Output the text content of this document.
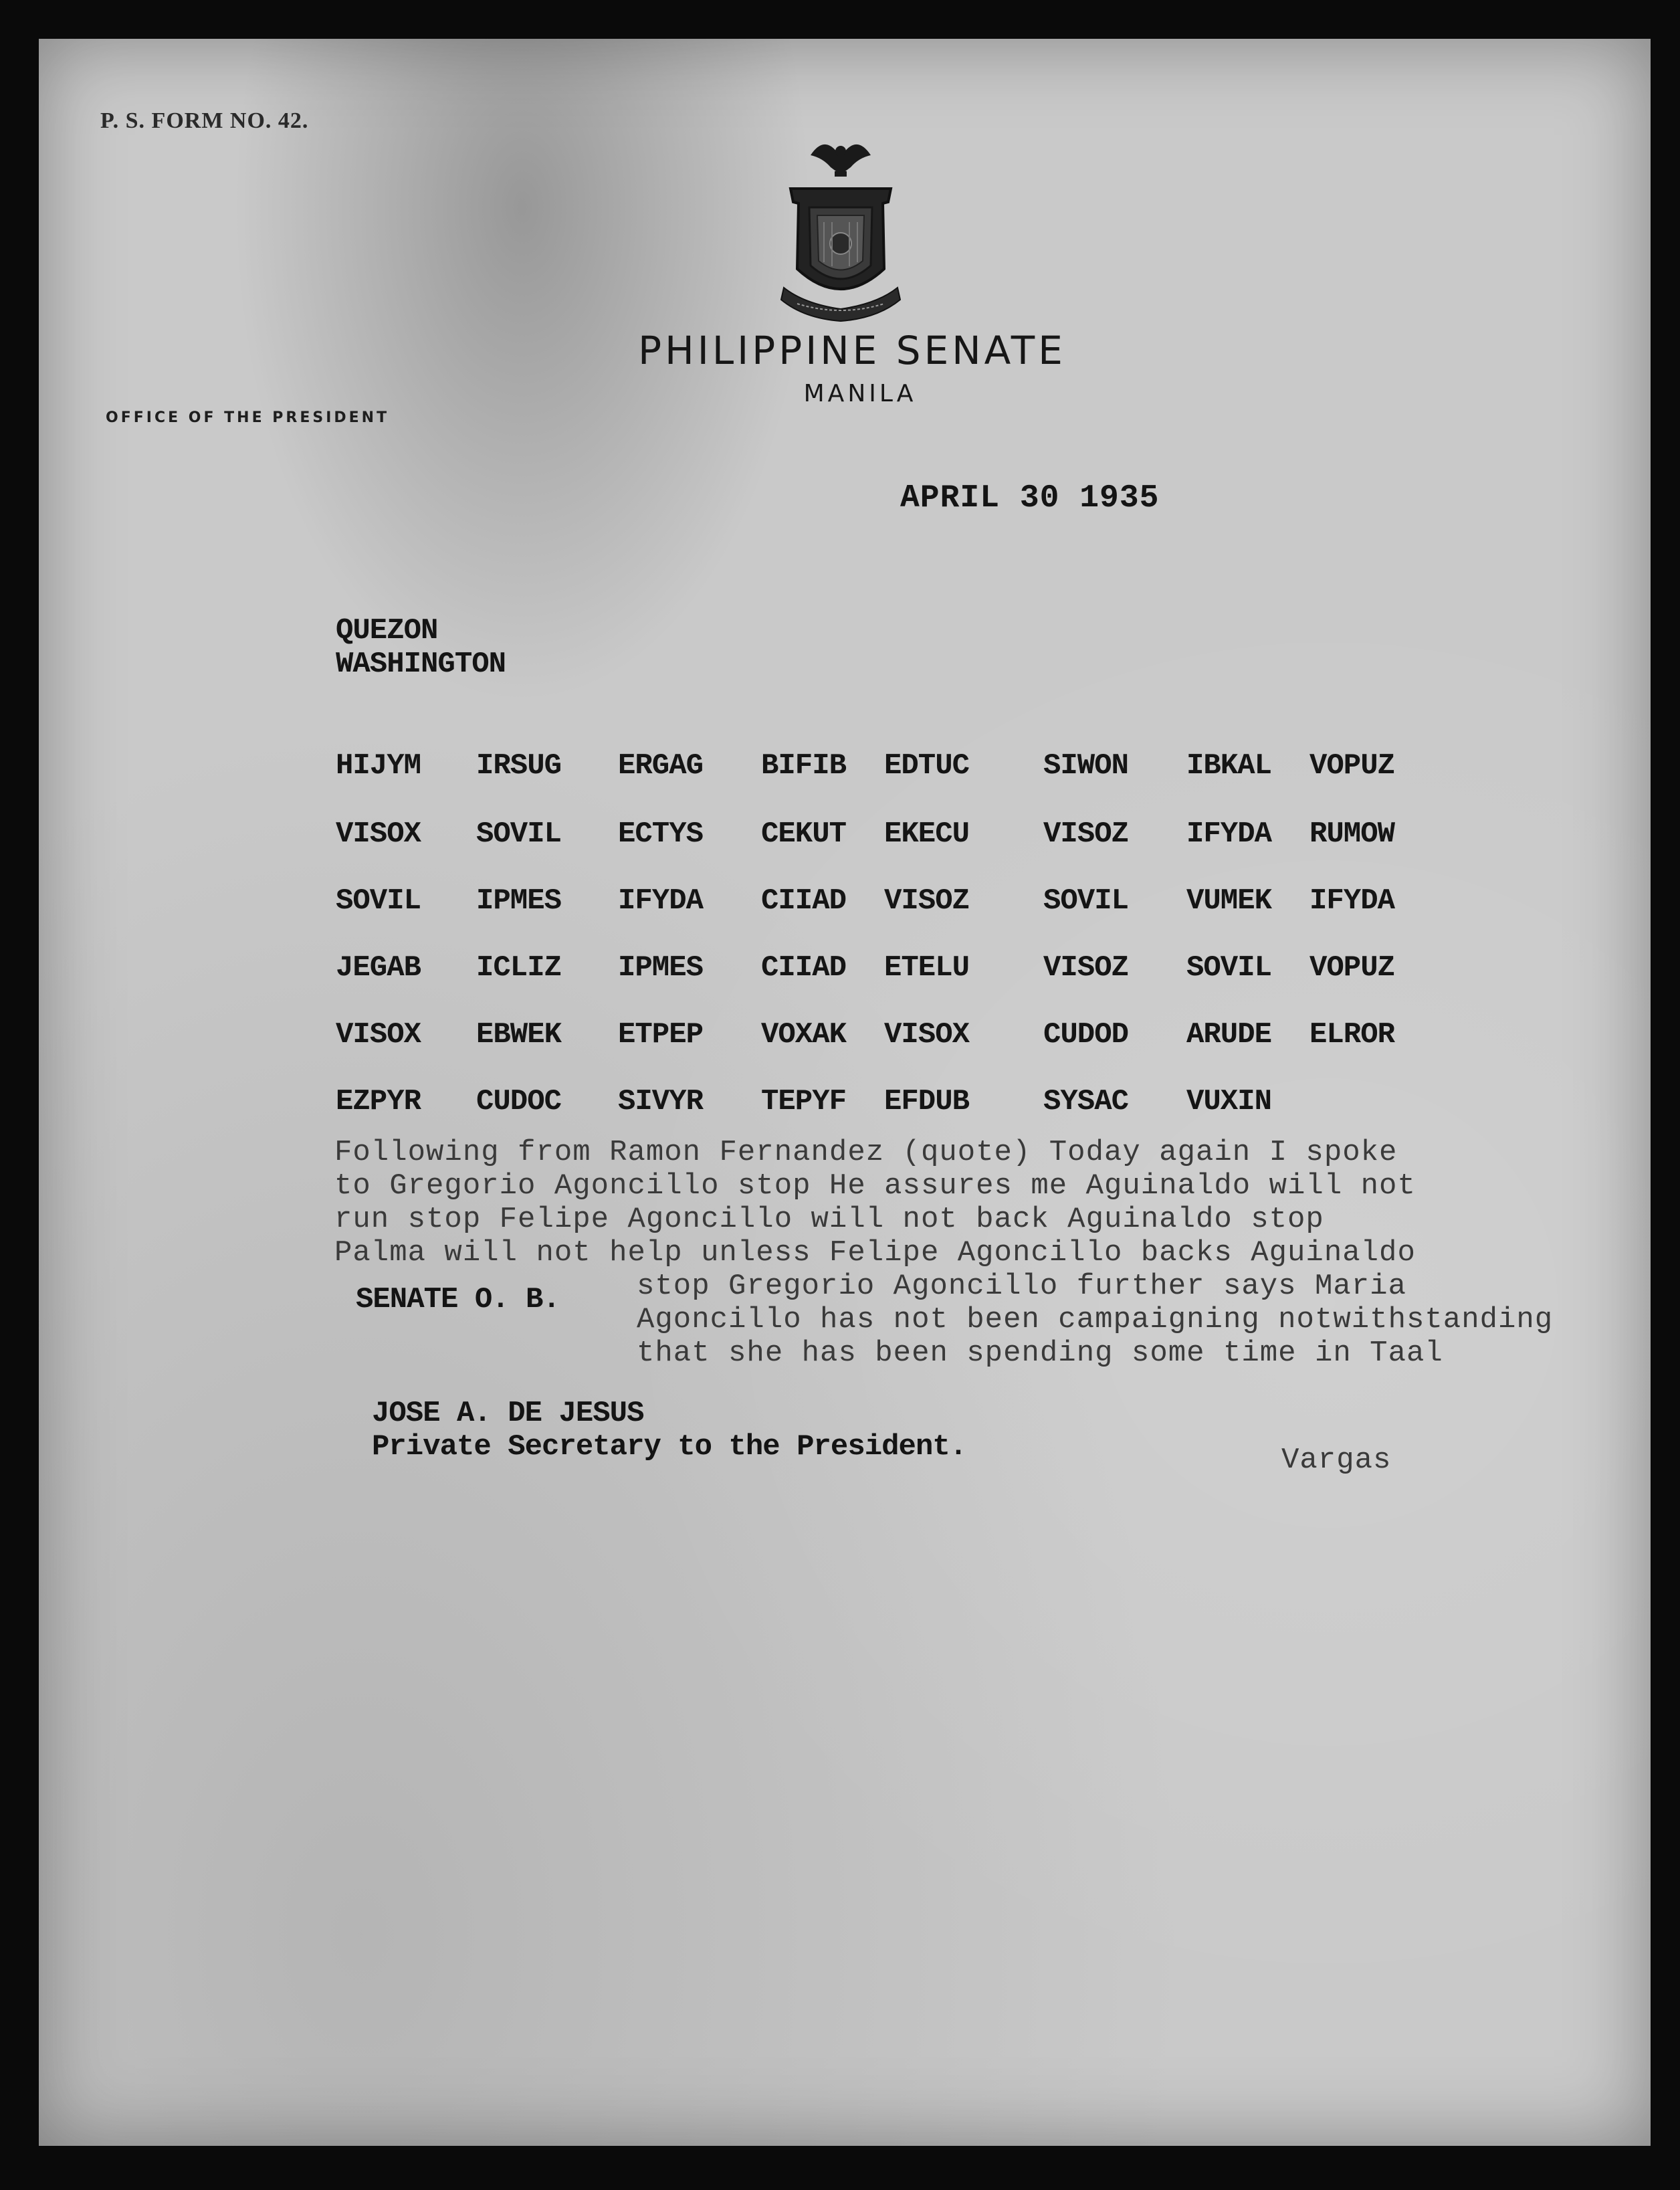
P. S. FORM NO. 42.
PHILIPPINE SENATE
MANILA
OFFICE OF THE PRESIDENT
APRIL 30 1935
QUEZON
WASHINGTON
HIJYM IRSUG ERGAG BIFIB EDTUC	SIWON IBKAL VOPUZ
VISOX SOVIL ECTYS CEKUT EKECU	VISOZ IFYDA RUMOW
SOVIL IPMES IFYDA CIIAD VISOZ	SOVIL VUMEK IFYDA
JEGAB ICLIZ IPMES CIIAD ETELU	VISOZ SOVIL VOPUZ
VISOX EBWEK ETPEP VOXAK VISOX	CUDOD ARUDE ELROR
EZPYR CUDOC SIVYR TEPYF EFDUB	SYSAC VUXIN
Following from Ramon Fernandez (quote) Today again I spoke
to Gregorio Agoncillo stop He assures me Aguinaldo will not
run stop Felipe Agoncillo will not back Aguinaldo stop
Palma will not help unless Felipe Agoncillo backs Aguinaldo
stop Gregorio Agoncillo further says Maria
Agoncillo has not been campaigning notwithstanding
that she has been spending some time in Taal
SENATE O. B.
JOSE A. DE JESUS
Private Secretary to the President.	Vargas
